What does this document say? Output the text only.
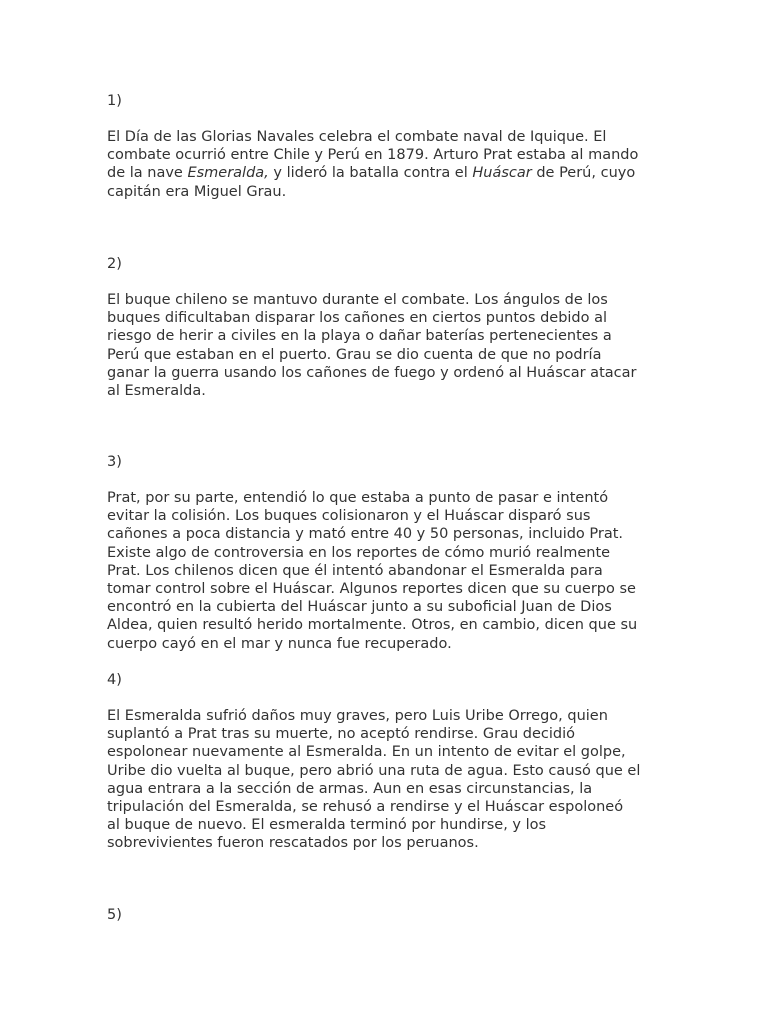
1)
El Día de las Glorias Navales celebra el combate naval de Iquique. El
combate ocurrió entre Chile y Perú en 1879. Arturo Prat estaba al mando
de la nave Esmeralda, y lideró la batalla contra el Huáscar de Perú, cuyo
capitán era Miguel Grau.
2)
El buque chileno se mantuvo durante el combate. Los ángulos de los
buques dificultaban disparar los cañones en ciertos puntos debido al
riesgo de herir a civiles en la playa o dañar baterías pertenecientes a
Perú que estaban en el puerto. Grau se dio cuenta de que no podría
ganar la guerra usando los cañones de fuego y ordenó al Huáscar atacar
al Esmeralda.
3)
Prat, por su parte, entendió lo que estaba a punto de pasar e intentó
evitar la colisión. Los buques colisionaron y el Huáscar disparó sus
cañones a poca distancia y mató entre 40 y 50 personas, incluido Prat.
Existe algo de controversia en los reportes de cómo murió realmente
Prat. Los chilenos dicen que él intentó abandonar el Esmeralda para
tomar control sobre el Huáscar. Algunos reportes dicen que su cuerpo se
encontró en la cubierta del Huáscar junto a su suboficial Juan de Dios
Aldea, quien resultó herido mortalmente. Otros, en cambio, dicen que su
cuerpo cayó en el mar y nunca fue recuperado.
4)
El Esmeralda sufrió daños muy graves, pero Luis Uribe Orrego, quien
suplantó a Prat tras su muerte, no aceptó rendirse. Grau decidió
espolonear nuevamente al Esmeralda. En un intento de evitar el golpe,
Uribe dio vuelta al buque, pero abrió una ruta de agua. Esto causó que el
agua entrara a la sección de armas. Aun en esas circunstancias, la
tripulación del Esmeralda, se rehusó a rendirse y el Huáscar espoloneó
al buque de nuevo. El esmeralda terminó por hundirse, y los
sobrevivientes fueron rescatados por los peruanos.
5)
